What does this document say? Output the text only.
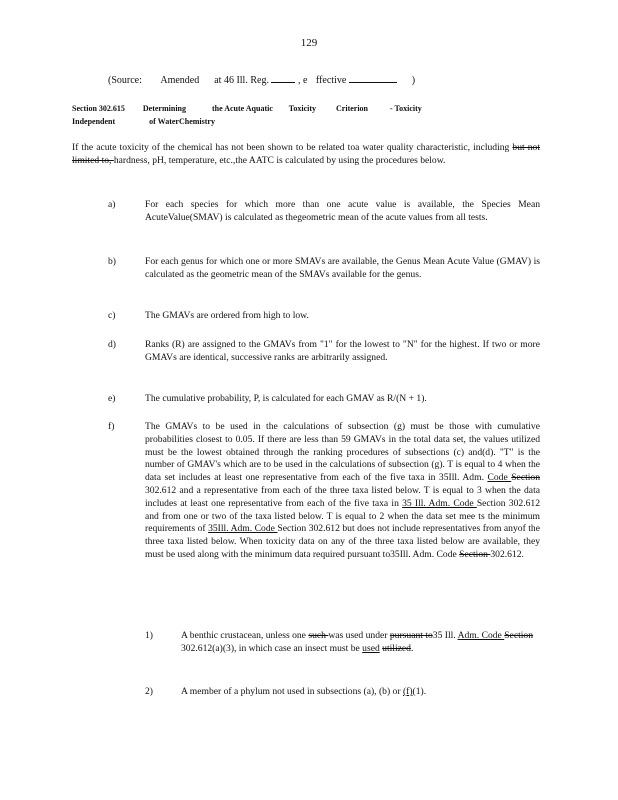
129
(Source: Amended at 46 Ill. Reg.	, e ffective	)
Section 302.615 Determining	the Acute Aquatic Toxicity	Criterion	- Toxicity
Independent	of WaterChemistry
If the acute toxicity of the chemical has not been shown to be related toa water quality characteristic, including but not limited to, hardness, pH, temperature, etc.,the AATC is calculated by using the procedures below.
a)	For each species for which more than one acute value is available, the Species Mean AcuteValue(SMAV) is calculated as thegeometric mean of the acute values from all tests.
b)	For each genus for which one or more SMAVs are available, the Genus Mean Acute Value (GMAV) is calculated as the geometric mean of the SMAVs available for the genus.
c)	The GMAVs are ordered from high to low.
d)	Ranks (R) are assigned to the GMAVs from "1" for the lowest to "N" for the highest. If two or more GMAVs are identical, successive ranks are arbitrarily assigned.
e)	The cumulative probability, P, is calculated for each GMAV as R/(N + 1).
f)	The GMAVs to be used in the calculations of subsection (g) must be those with cumulative probabilities closest to 0.05. If there are less than 59 GMAVs in the total data set, the values utilized must be the lowest obtained through the ranking procedures of subsections (c) and(d). "T" is the number of GMAV's which are to be used in the calculations of subsection (g). T is equal to 4 when the data set includes at least one representative from each of the five taxa in 35Ill. Adm. Code Section 302.612 and a representative from each of the three taxa listed below. T is equal to 3 when the data includes at least one representative from each of the five taxa in 35 Ill. Adm. Code Section 302.612 and from one or two of the taxa listed below. T is equal to 2 when the data set mee ts the minimum requirements of 35Ill. Adm. Code Section 302.612 but does not include representatives from anyof the three taxa listed below. When toxicity data on any of the three taxa listed below are available, they must be used along with the minimum data required pursuant to35Ill. Adm. Code Section 302.612.
1)	A benthic crustacean, unless one such was used under pursuant to35 Ill. Adm. Code Section 302.612(a)(3), in which case an insect must be used utilized.
2)	A member of a phylum not used in subsections (a), (b) or (f)(1).
